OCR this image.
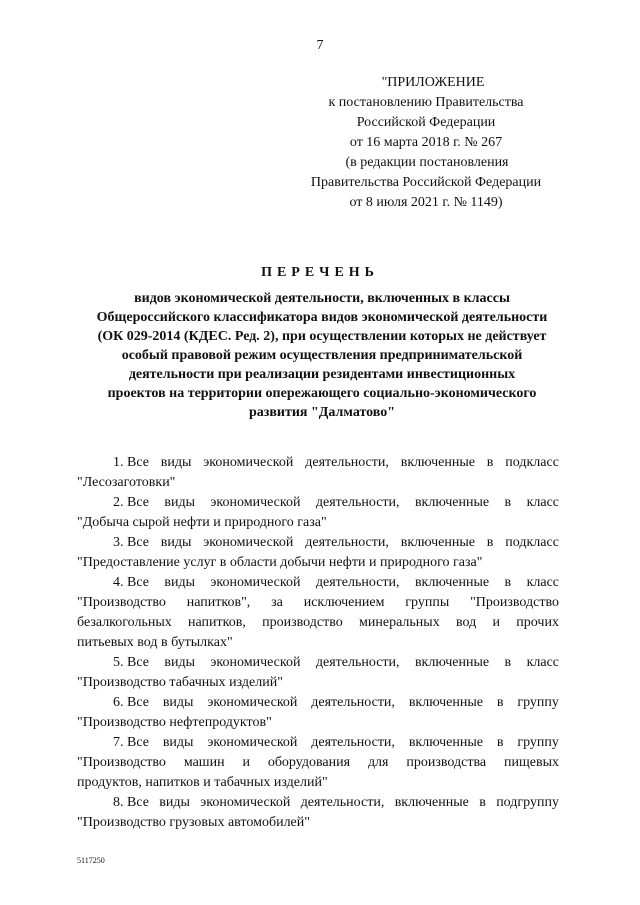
7
"ПРИЛОЖЕНИЕ
к постановлению Правительства
Российской Федерации
от 16 марта 2018 г. № 267
(в редакции постановления
Правительства Российской Федерации
от 8 июля 2021 г. № 1149)
ПЕРЕЧЕНЬ
видов экономической деятельности, включенных в классы
Общероссийского классификатора видов экономической деятельности
(ОК 029-2014 (КДЕС. Ред. 2), при осуществлении которых не действует
особый правовой режим осуществления предпринимательской
деятельности при реализации резидентами инвестиционных
проектов на территории опережающего социально-экономического
развития "Далматово"
1. Все виды экономической деятельности, включенные в подкласс
"Лесозаготовки"
2. Все виды экономической деятельности, включенные в класс
"Добыча сырой нефти и природного газа"
3. Все виды экономической деятельности, включенные в подкласс
"Предоставление услуг в области добычи нефти и природного газа"
4. Все виды экономической деятельности, включенные в класс
"Производство напитков", за исключением группы "Производство
безалкогольных напитков, производство минеральных вод и прочих
питьевых вод в бутылках"
5. Все виды экономической деятельности, включенные в класс
"Производство табачных изделий"
6. Все виды экономической деятельности, включенные в группу
"Производство нефтепродуктов"
7. Все виды экономической деятельности, включенные в группу
"Производство машин и оборудования для производства пищевых
продуктов, напитков и табачных изделий"
8. Все виды экономической деятельности, включенные в подгруппу
"Производство грузовых автомобилей"
5117250
